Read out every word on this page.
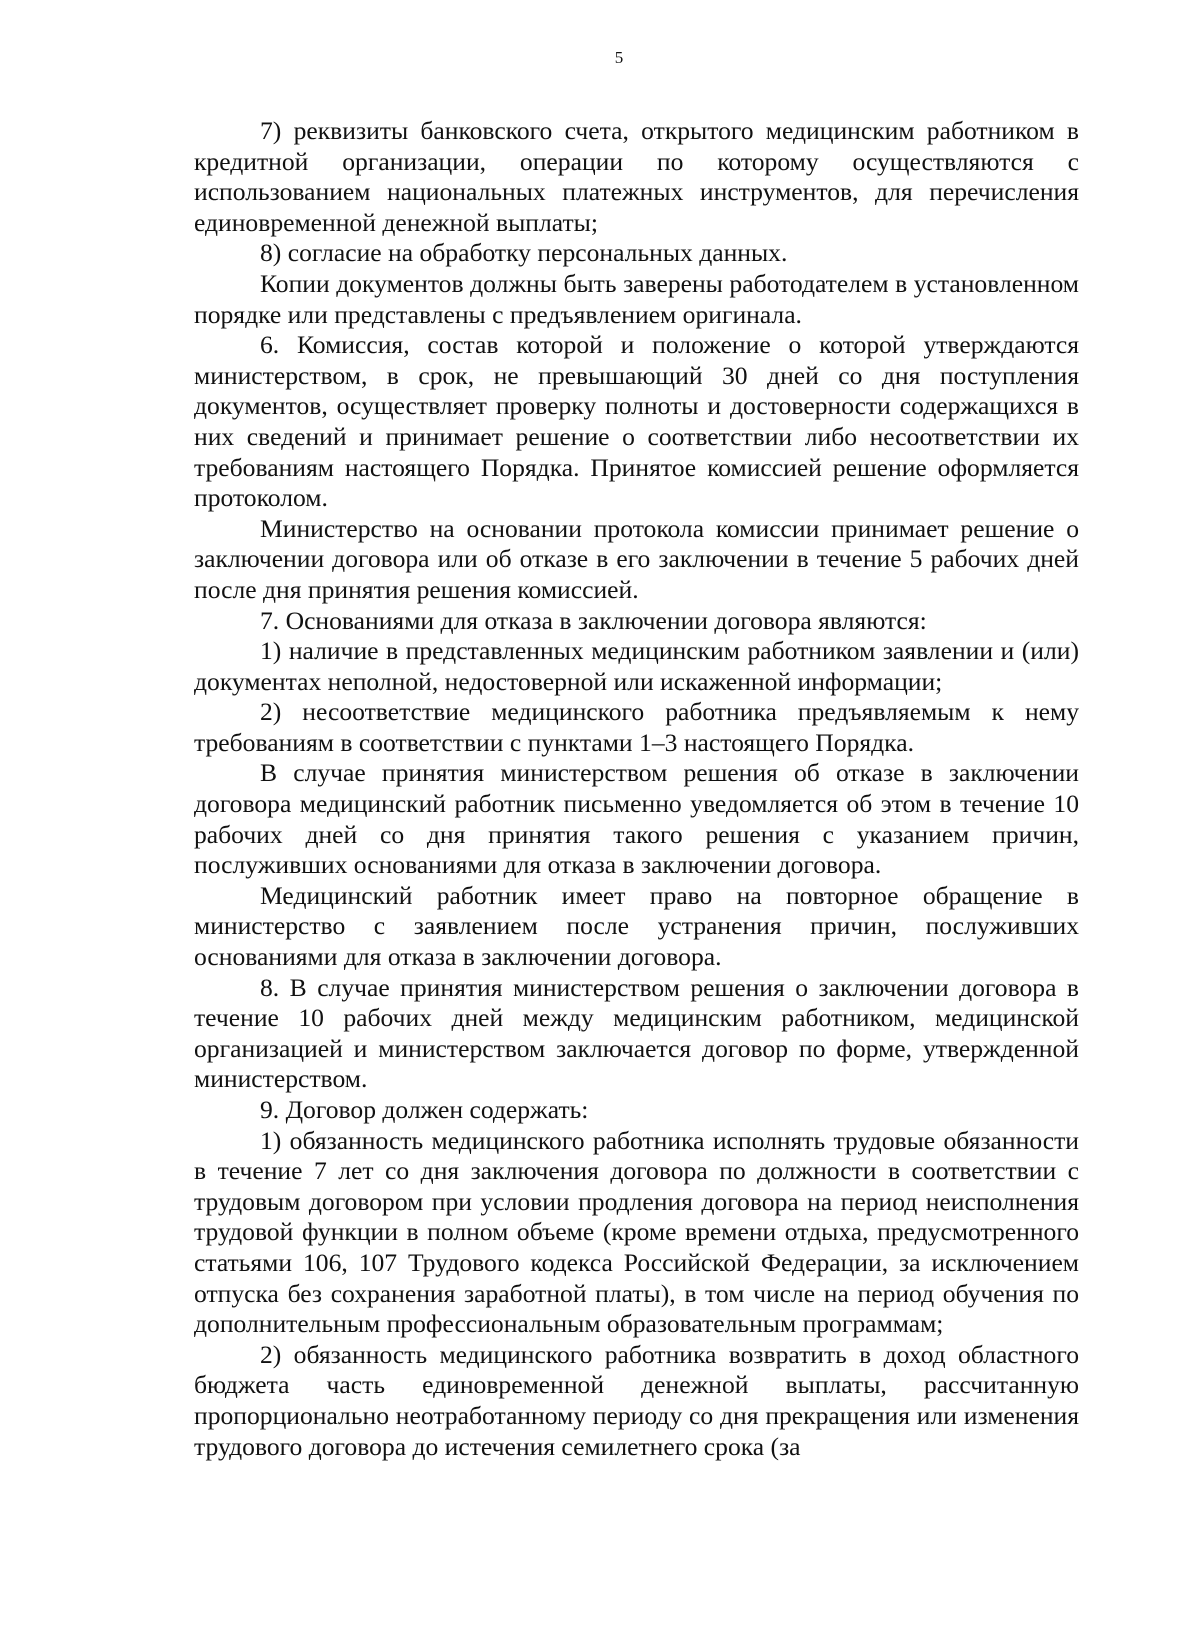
5

7) реквизиты банковского счета, открытого медицинским работником в кредитной организации, операции по которому осуществляются с использованием национальных платежных инструментов, для перечисления единовременной денежной выплаты;

8) согласие на обработку персональных данных.

Копии документов должны быть заверены работодателем в установленном порядке или представлены с предъявлением оригинала.

6. Комиссия, состав которой и положение о которой утверждаются министерством, в срок, не превышающий 30 дней со дня поступления документов, осуществляет проверку полноты и достоверности содержащихся в них сведений и принимает решение о соответствии либо несоответствии их требованиям настоящего Порядка. Принятое комиссией решение оформляется протоколом.

Министерство на основании протокола комиссии принимает решение о заключении договора или об отказе в его заключении в течение 5 рабочих дней после дня принятия решения комиссией.

7. Основаниями для отказа в заключении договора являются:

1) наличие в представленных медицинским работником заявлении и (или) документах неполной, недостоверной или искаженной информации;

2) несоответствие медицинского работника предъявляемым к нему требованиям в соответствии с пунктами 1–3 настоящего Порядка.

В случае принятия министерством решения об отказе в заключении договора медицинский работник письменно уведомляется об этом в течение 10 рабочих дней со дня принятия такого решения с указанием причин, послуживших основаниями для отказа в заключении договора.

Медицинский работник имеет право на повторное обращение в министерство с заявлением после устранения причин, послуживших основаниями для отказа в заключении договора.

8. В случае принятия министерством решения о заключении договора в течение 10 рабочих дней между медицинским работником, медицинской организацией и министерством заключается договор по форме, утвержденной министерством.

9. Договор должен содержать:

1) обязанность медицинского работника исполнять трудовые обязанности в течение 7 лет со дня заключения договора по должности в соответствии с трудовым договором при условии продления договора на период неисполнения трудовой функции в полном объеме (кроме времени отдыха, предусмотренного статьями 106, 107 Трудового кодекса Российской Федерации, за исключением отпуска без сохранения заработной платы), в том числе на период обучения по дополнительным профессиональным образовательным программам;

2) обязанность медицинского работника возвратить в доход областного бюджета часть единовременной денежной выплаты, рассчитанную пропорционально неотработанному периоду со дня прекращения или изменения трудового договора до истечения семилетнего срока (за
